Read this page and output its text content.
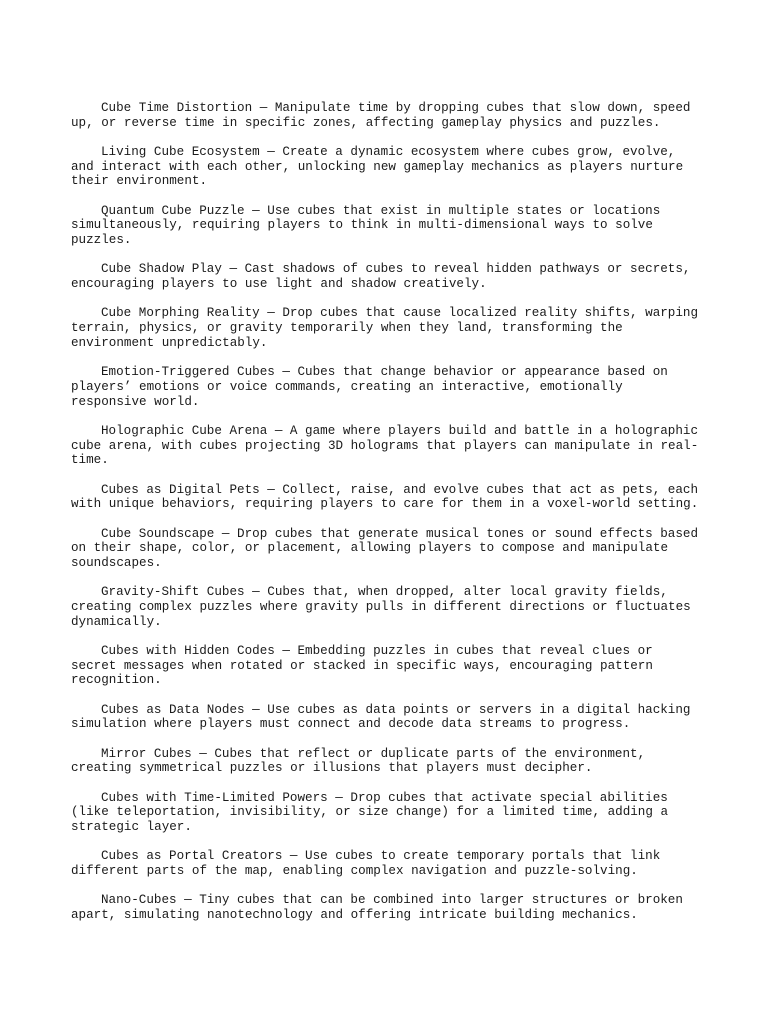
Cube Time Distortion — Manipulate time by dropping cubes that slow down, speed up, or reverse time in specific zones, affecting gameplay physics and puzzles.

Living Cube Ecosystem — Create a dynamic ecosystem where cubes grow, evolve, and interact with each other, unlocking new gameplay mechanics as players nurture their environment.

Quantum Cube Puzzle — Use cubes that exist in multiple states or locations simultaneously, requiring players to think in multi-dimensional ways to solve puzzles.

Cube Shadow Play — Cast shadows of cubes to reveal hidden pathways or secrets, encouraging players to use light and shadow creatively.

Cube Morphing Reality — Drop cubes that cause localized reality shifts, warping terrain, physics, or gravity temporarily when they land, transforming the environment unpredictably.

Emotion-Triggered Cubes — Cubes that change behavior or appearance based on players’ emotions or voice commands, creating an interactive, emotionally responsive world.

Holographic Cube Arena — A game where players build and battle in a holographic cube arena, with cubes projecting 3D holograms that players can manipulate in real-time.

Cubes as Digital Pets — Collect, raise, and evolve cubes that act as pets, each with unique behaviors, requiring players to care for them in a voxel-world setting.

Cube Soundscape — Drop cubes that generate musical tones or sound effects based on their shape, color, or placement, allowing players to compose and manipulate soundscapes.

Gravity-Shift Cubes — Cubes that, when dropped, alter local gravity fields, creating complex puzzles where gravity pulls in different directions or fluctuates dynamically.

Cubes with Hidden Codes — Embedding puzzles in cubes that reveal clues or secret messages when rotated or stacked in specific ways, encouraging pattern recognition.

Cubes as Data Nodes — Use cubes as data points or servers in a digital hacking simulation where players must connect and decode data streams to progress.

Mirror Cubes — Cubes that reflect or duplicate parts of the environment, creating symmetrical puzzles or illusions that players must decipher.

Cubes with Time-Limited Powers — Drop cubes that activate special abilities (like teleportation, invisibility, or size change) for a limited time, adding a strategic layer.

Cubes as Portal Creators — Use cubes to create temporary portals that link different parts of the map, enabling complex navigation and puzzle-solving.

Nano-Cubes — Tiny cubes that can be combined into larger structures or broken apart, simulating nanotechnology and offering intricate building mechanics.
